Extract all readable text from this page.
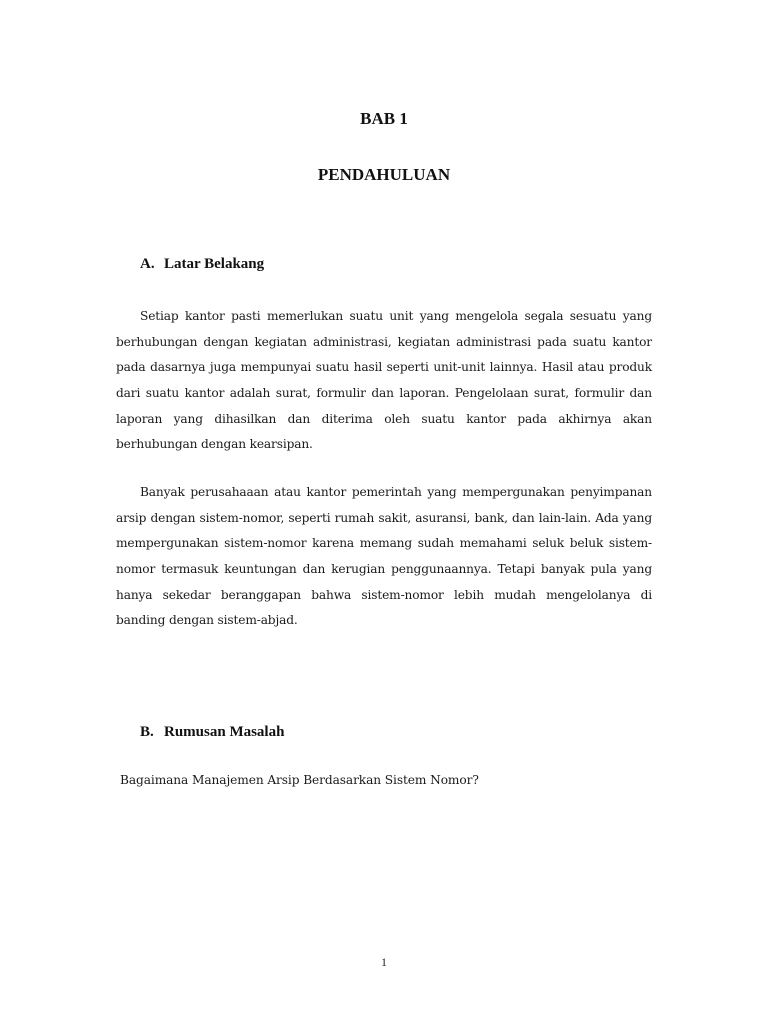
BAB 1
PENDAHULUAN
A. Latar Belakang

Setiap kantor pasti memerlukan suatu unit yang mengelola segala sesuatu yang berhubungan dengan kegiatan administrasi, kegiatan administrasi pada suatu kantor pada dasarnya juga mempunyai suatu hasil seperti unit-unit lainnya. Hasil atau produk dari suatu kantor adalah surat, formulir dan laporan. Pengelolaan surat, formulir dan laporan yang dihasilkan dan diterima oleh suatu kantor pada akhirnya akan berhubungan dengan kearsipan.

Banyak perusahaaan atau kantor pemerintah yang mempergunakan penyimpanan arsip dengan sistem-nomor, seperti rumah sakit, asuransi, bank, dan lain-lain. Ada yang mempergunakan sistem-nomor karena memang sudah memahami seluk beluk sistem-nomor termasuk keuntungan dan kerugian penggunaannya. Tetapi banyak pula yang hanya sekedar beranggapan bahwa sistem-nomor lebih mudah mengelolanya di banding dengan sistem-abjad.

B. Rumusan Masalah
Bagaimana Manajemen Arsip Berdasarkan Sistem Nomor?
1
